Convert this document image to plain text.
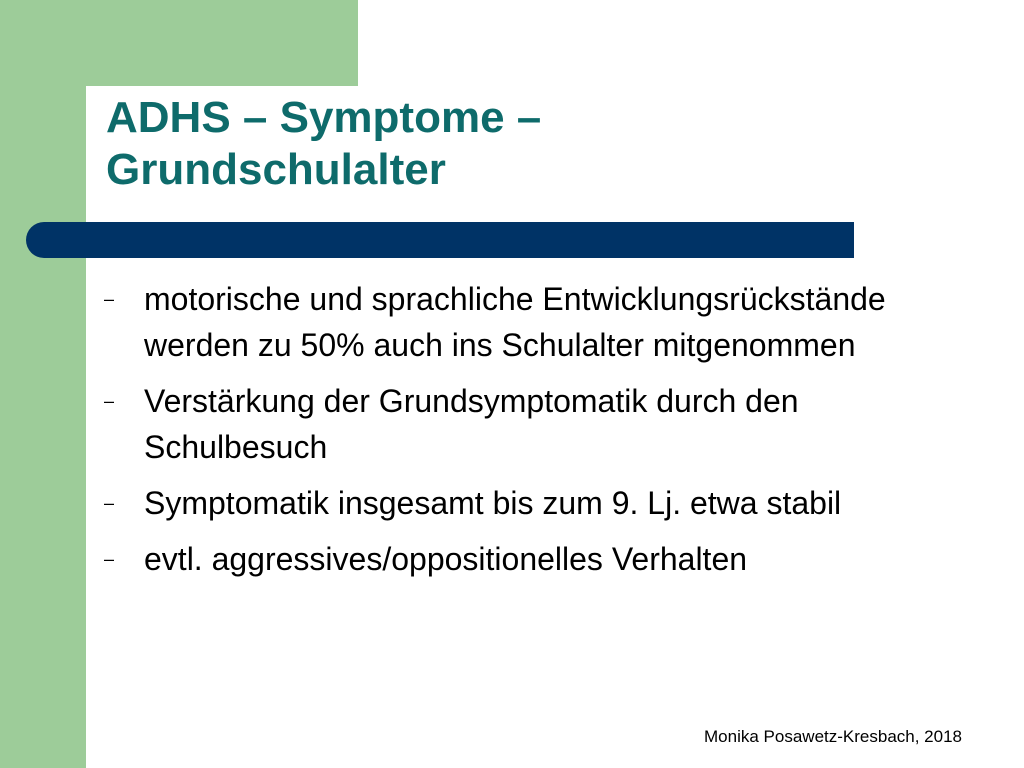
ADHS – Symptome –
Grundschulalter
– motorische und sprachliche Entwicklungsrückstände werden zu 50% auch ins Schulalter mitgenommen
– Verstärkung der Grundsymptomatik durch den Schulbesuch
– Symptomatik insgesamt bis zum 9. Lj. etwa stabil
– evtl. aggressives/oppositionelles Verhalten
Monika Posawetz-Kresbach, 2018
